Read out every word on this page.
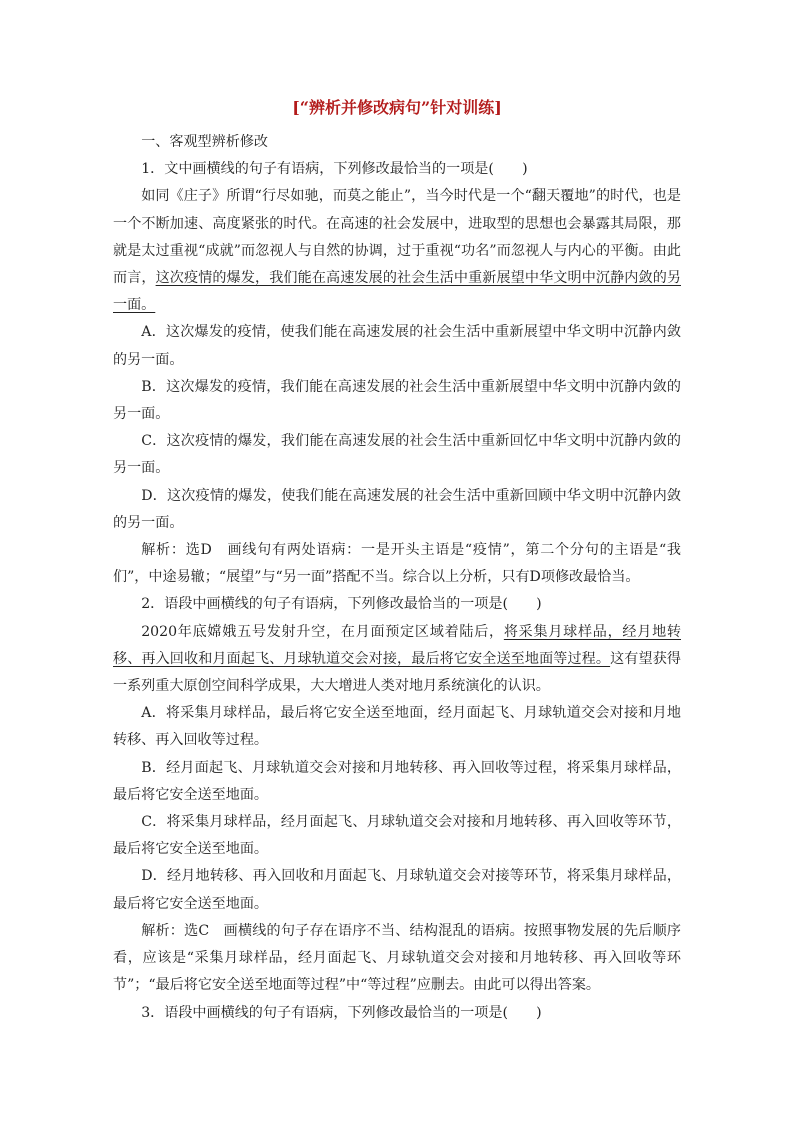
[“辨析并修改病句”针对训练]

一、客观型辨析修改

1．文中画横线的句子有语病，下列修改最恰当的一项是(　　)

如同《庄子》所谓“行尽如驰，而莫之能止”，当今时代是一个“翻天覆地”的时代，也是一个不断加速、高度紧张的时代。在高速的社会发展中，进取型的思想也会暴露其局限，那就是太过重视“成就”而忽视人与自然的协调，过于重视“功名”而忽视人与内心的平衡。由此而言，这次疫情的爆发，我们能在高速发展的社会生活中重新展望中华文明中沉静内敛的另一面。

A．这次爆发的疫情，使我们能在高速发展的社会生活中重新展望中华文明中沉静内敛的另一面。

B．这次爆发的疫情，我们能在高速发展的社会生活中重新展望中华文明中沉静内敛的另一面。

C．这次疫情的爆发，我们能在高速发展的社会生活中重新回忆中华文明中沉静内敛的另一面。

D．这次疫情的爆发，使我们能在高速发展的社会生活中重新回顾中华文明中沉静内敛的另一面。

解析：选D　画线句有两处语病：一是开头主语是“疫情”，第二个分句的主语是“我们”，中途易辙；“展望”与“另一面”搭配不当。综合以上分析，只有D项修改最恰当。

2．语段中画横线的句子有语病，下列修改最恰当的一项是(　　)

2020年底嫦娥五号发射升空，在月面预定区域着陆后，将采集月球样品，经月地转移、再入回收和月面起飞、月球轨道交会对接，最后将它安全送至地面等过程。这有望获得一系列重大原创空间科学成果，大大增进人类对地月系统演化的认识。

A．将采集月球样品，最后将它安全送至地面，经月面起飞、月球轨道交会对接和月地转移、再入回收等过程。

B．经月面起飞、月球轨道交会对接和月地转移、再入回收等过程，将采集月球样品，最后将它安全送至地面。

C．将采集月球样品，经月面起飞、月球轨道交会对接和月地转移、再入回收等环节，最后将它安全送至地面。

D．经月地转移、再入回收和月面起飞、月球轨道交会对接等环节，将采集月球样品，最后将它安全送至地面。

解析：选C　画横线的句子存在语序不当、结构混乱的语病。按照事物发展的先后顺序看，应该是“采集月球样品，经月面起飞、月球轨道交会对接和月地转移、再入回收等环节”；“最后将它安全送至地面等过程”中“等过程”应删去。由此可以得出答案。

3．语段中画横线的句子有语病，下列修改最恰当的一项是(　　)
